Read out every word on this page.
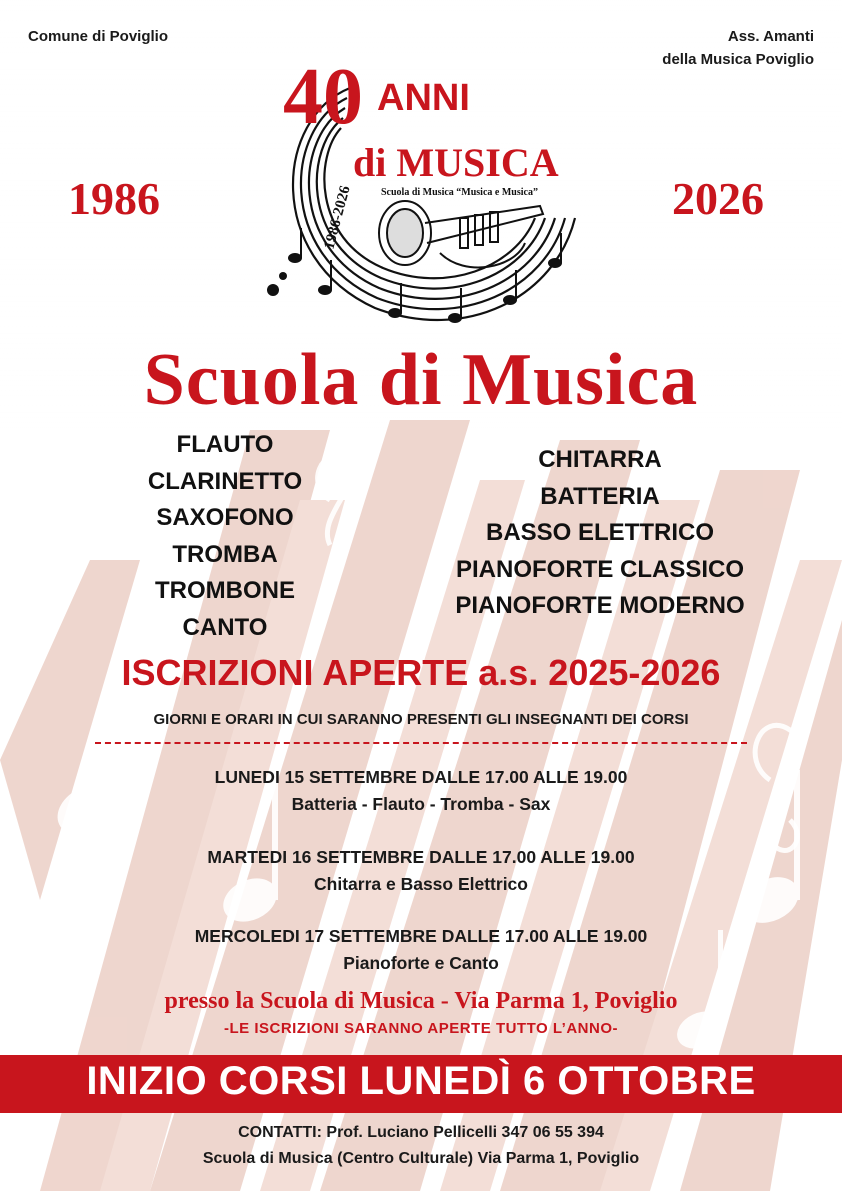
Comune di Poviglio	Ass. Amanti
della Musica Poviglio
1986	2026
40 ANNI
di MUSICA
Scuola di Musica “Musica e Musica”
1986-2026
Scuola di Musica
FLAUTO
CLARINETTO
SAXOFONO
TROMBA
TROMBONE
CANTO
CHITARRA
BATTERIA
BASSO ELETTRICO
PIANOFORTE CLASSICO
PIANOFORTE MODERNO
ISCRIZIONI APERTE a.s. 2025-2026
GIORNI E ORARI IN CUI SARANNO PRESENTI GLI INSEGNANTI DEI CORSI
LUNEDI 15 SETTEMBRE DALLE 17.00 ALLE 19.00
Batteria - Flauto - Tromba - Sax
MARTEDI 16 SETTEMBRE DALLE 17.00 ALLE 19.00
Chitarra e Basso Elettrico
MERCOLEDI 17 SETTEMBRE DALLE 17.00 ALLE 19.00
Pianoforte e Canto
presso la Scuola di Musica - Via Parma 1, Poviglio
-LE ISCRIZIONI SARANNO APERTE TUTTO L’ANNO-
INIZIO CORSI LUNEDÌ 6 OTTOBRE
CONTATTI: Prof. Luciano Pellicelli 347 06 55 394
Scuola di Musica (Centro Culturale) Via Parma 1, Poviglio
